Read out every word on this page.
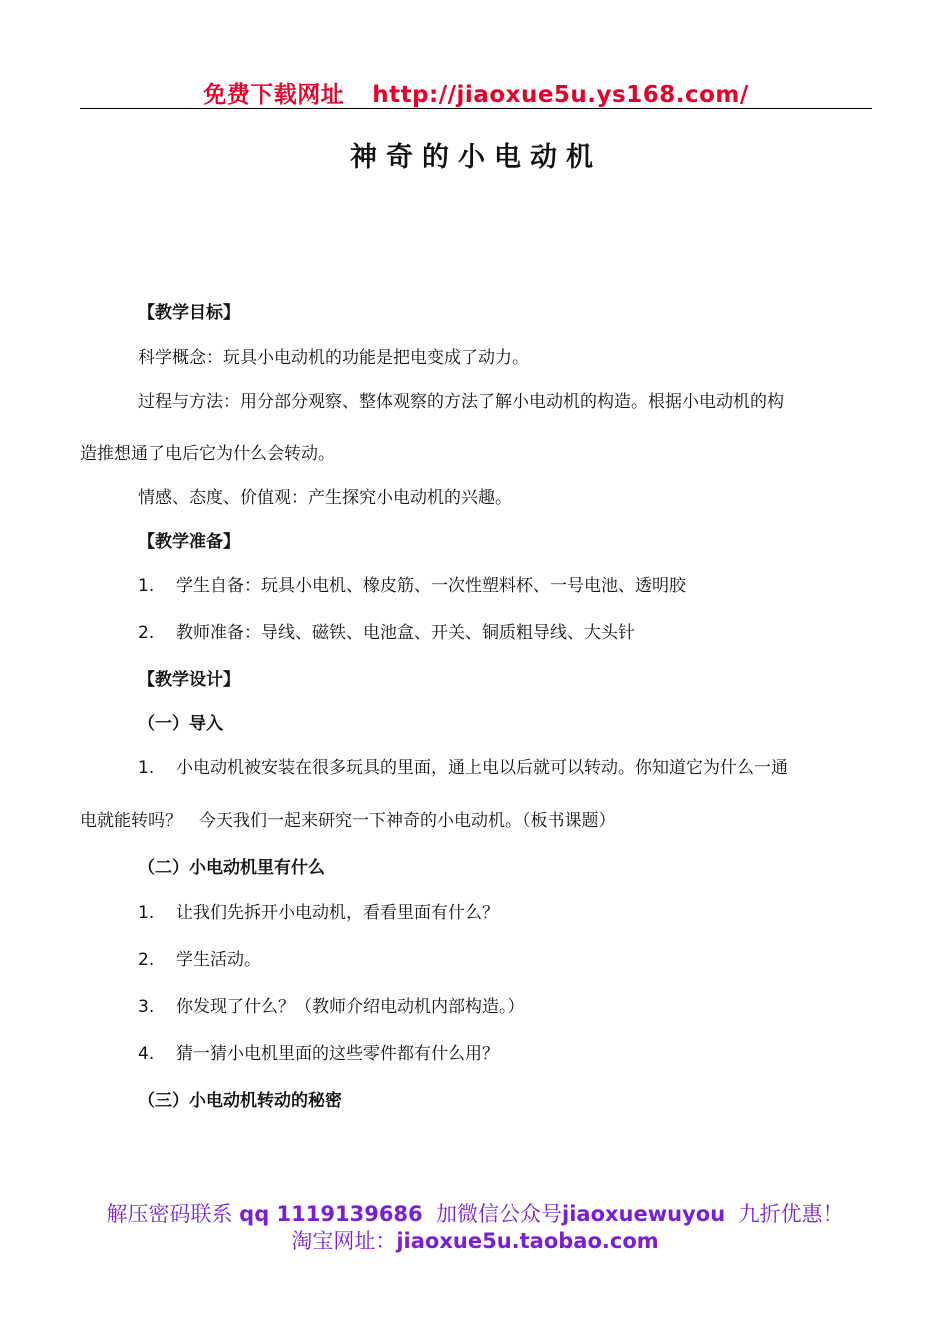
免费下载网址 http://jiaoxue5u.ys168.com/
神奇的小电动机
【教学目标】
科学概念：玩具小电动机的功能是把电变成了动力。
过程与方法：用分部分观察、整体观察的方法了解小电动机的构造。根据小电动机的构
造推想通了电后它为什么会转动。
情感、态度、价值观：产生探究小电动机的兴趣。
【教学准备】
1. 学生自备：玩具小电机、橡皮筋、一次性塑料杯、一号电池、透明胶
2. 教师准备：导线、磁铁、电池盒、开关、铜质粗导线、大头针
【教学设计】
（一）导入
1. 小电动机被安装在很多玩具的里面，通上电以后就可以转动。你知道它为什么一通
电就能转吗？　今天我们一起来研究一下神奇的小电动机。（板书课题）
（二）小电动机里有什么
1. 让我们先拆开小电动机，看看里面有什么？
2. 学生活动。
3. 你发现了什么？（教师介绍电动机内部构造。）
4. 猜一猜小电机里面的这些零件都有什么用？
（三）小电动机转动的秘密
解压密码联系 qq 1119139686 加微信公众号jiaoxuewuyou 九折优惠！
淘宝网址：jiaoxue5u.taobao.com
